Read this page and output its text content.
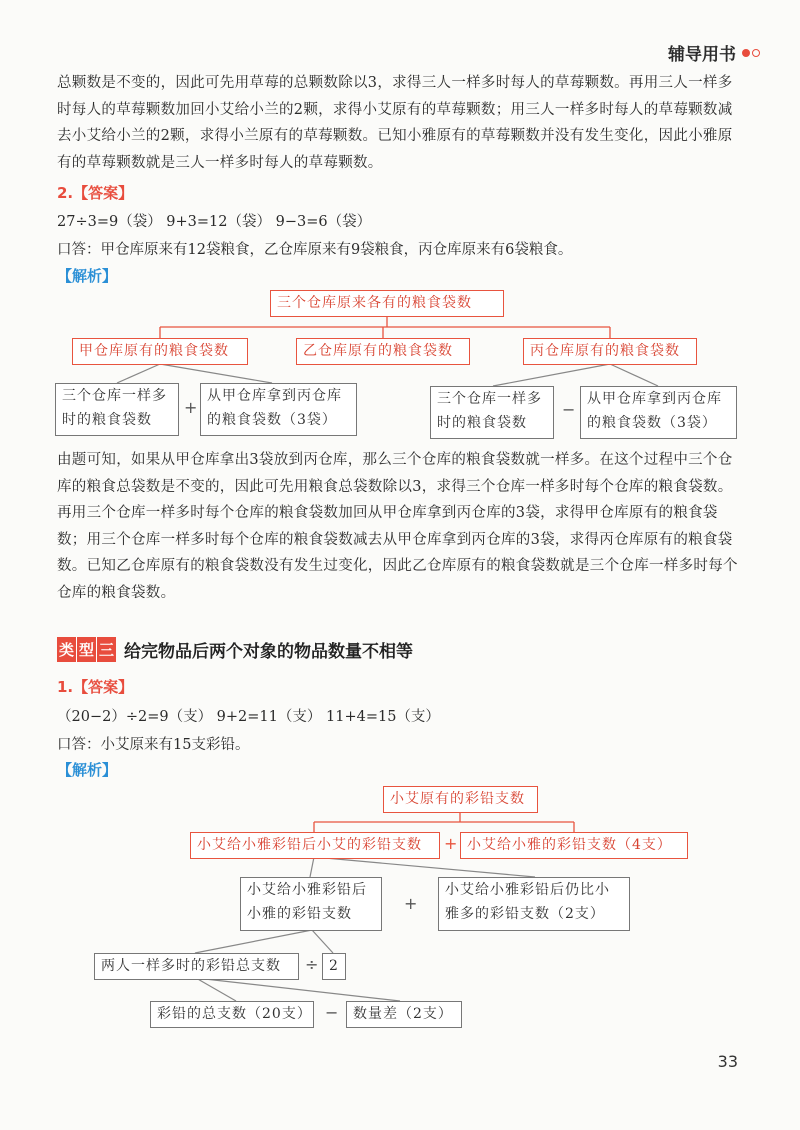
辅导用书
总颗数是不变的，因此可先用草莓的总颗数除以3，求得三人一样多时每人的草莓颗数。再用三人一样多时每人的草莓颗数加回小艾给小兰的2颗，求得小艾原有的草莓颗数；用三人一样多时每人的草莓颗数减去小艾给小兰的2颗，求得小兰原有的草莓颗数。已知小雅原有的草莓颗数并没有发生变化，因此小雅原有的草莓颗数就是三人一样多时每人的草莓颗数。
2.【答案】
27÷3=9（袋） 9+3=12（袋） 9−3=6（袋）
口答：甲仓库原来有12袋粮食，乙仓库原来有9袋粮食，丙仓库原来有6袋粮食。
【解析】
三个仓库原来各有的粮食袋数
甲仓库原有的粮食袋数	乙仓库原有的粮食袋数	丙仓库原有的粮食袋数
三个仓库一样多
时的粮食袋数
+
从甲仓库拿到丙仓库
的粮食袋数（3袋）
三个仓库一样多
时的粮食袋数
−
从甲仓库拿到丙仓库
的粮食袋数（3袋）
由题可知，如果从甲仓库拿出3袋放到丙仓库，那么三个仓库的粮食袋数就一样多。在这个过程中三个仓库的粮食总袋数是不变的，因此可先用粮食总袋数除以3，求得三个仓库一样多时每个仓库的粮食袋数。再用三个仓库一样多时每个仓库的粮食袋数加回从甲仓库拿到丙仓库的3袋，求得甲仓库原有的粮食袋数；用三个仓库一样多时每个仓库的粮食袋数减去从甲仓库拿到丙仓库的3袋，求得丙仓库原有的粮食袋数。已知乙仓库原有的粮食袋数没有发生过变化，因此乙仓库原有的粮食袋数就是三个仓库一样多时每个仓库的粮食袋数。
类 型 三 给完物品后两个对象的物品数量不相等
1.【答案】
（20−2）÷2=9（支） 9+2=11（支） 11+4=15（支）
口答：小艾原来有15支彩铅。
【解析】
小艾原有的彩铅支数
小艾给小雅彩铅后小艾的彩铅支数	+ 小艾给小雅的彩铅支数（4支）
小艾给小雅彩铅后
小雅的彩铅支数
+
小艾给小雅彩铅后仍比小
雅多的彩铅支数（2支）
两人一样多时的彩铅总支数	÷ 2
彩铅的总支数（20支） −	数量差（2支）
33
